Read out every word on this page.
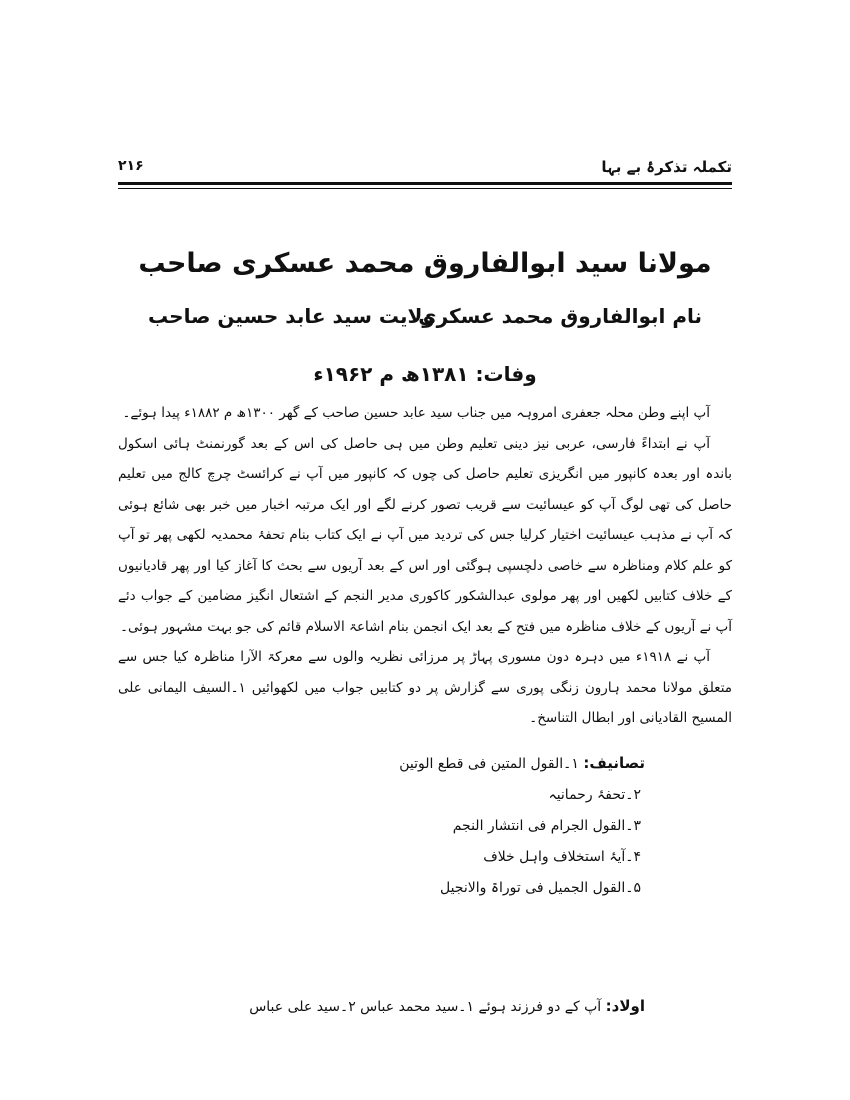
تکملہ تذکرۂ بے بہا
۲۱۶
مولانا سید ابوالفاروق محمد عسکری صاحب
نام ابوالفاروق محمد عسکری
ولایت سید عابد حسین صاحب
وفات: ۱۳۸۱ھ م ۱۹۶۲ء

آپ اپنے وطن محلہ جعفری امروہہ میں جناب سید عابد حسین صاحب کے گھر ۱۳۰۰ھ م ۱۸۸۲ء پیدا ہوئے۔

آپ نے ابتداءً فارسی، عربی نیز دینی تعلیم وطن میں ہی حاصل کی اس کے بعد گورنمنٹ ہائی اسکول باندہ اور بعدہ کانپور میں انگریزی تعلیم حاصل کی چوں کہ کانپور میں آپ نے کرائسٹ چرچ کالج میں تعلیم حاصل کی تھی لوگ آپ کو عیسائیت سے قریب تصور کرنے لگے اور ایک مرتبہ اخبار میں خبر بھی شائع ہوئی کہ آپ نے مذہب عیسائیت اختیار کرلیا جس کی تردید میں آپ نے ایک کتاب بنام تحفۂ محمدیہ لکھی پھر تو آپ کو علم کلام ومناظرہ سے خاصی دلچسپی ہوگئی اور اس کے بعد آریوں سے بحث کا آغاز کیا اور پھر قادیانیوں کے خلاف کتابیں لکھیں اور پھر مولوی عبدالشکور کاکوری مدیر النجم کے اشتعال انگیز مضامین کے جواب دئے آپ نے آریوں کے خلاف مناظرہ میں فتح کے بعد ایک انجمن بنام اشاعۃ الاسلام قائم کی جو بہت مشہور ہوئی۔

آپ نے ۱۹۱۸ء میں دہرہ دون مسوری پہاڑ پر مرزائی نظریہ والوں سے معرکۃ الآرا مناظرہ کیا جس سے متعلق مولانا محمد ہارون زنگی پوری سے گزارش پر دو کتابیں جواب میں لکھوائیں ۱۔السیف الیمانی علی المسیح القادیانی اور ابطال التناسخ۔

تصانیف: ۱۔القول المتین فی قطع الوتین
۲۔تحفۂ رحمانیہ
۳۔القول الجرام فی انتشار النجم
۴۔آیۂ استخلاف واہل خلاف
۵۔القول الجمیل فی توراۃ والانجیل
اولاد: آپ کے دو فرزند ہوئے ۱۔سید محمد عباس ۲۔سید علی عباس
